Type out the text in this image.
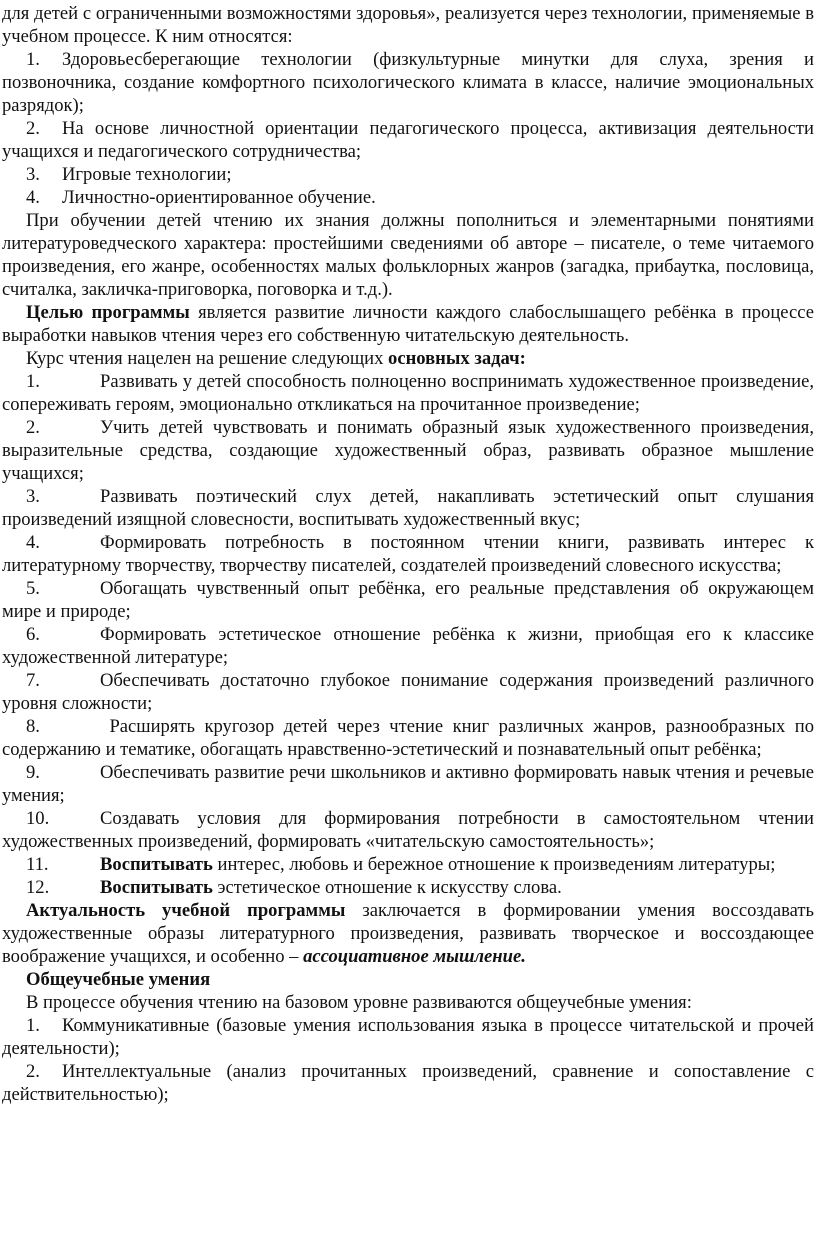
для детей с ограниченными возможностями здоровья», реализуется через технологии, применяемые в учебном процессе. К ним относятся:

1. Здоровьесберегающие технологии (физкультурные минутки для слуха, зрения и позвоночника, создание комфортного психологического климата в классе, наличие эмоциональных разрядок);

2. На основе личностной ориентации педагогического процесса, активизация деятельности учащихся и педагогического сотрудничества;

3. Игровые технологии;

4. Личностно-ориентированное обучение.

При обучении детей чтению их знания должны пополниться и элементарными понятиями литературоведческого характера: простейшими сведениями об авторе – писателе, о теме читаемого произведения, его жанре, особенностях малых фольклорных жанров (загадка, прибаутка, пословица, считалка, закличка-приговорка, поговорка и т.д.).

Целью программы является развитие личности каждого слабослышащего ребёнка в процессе выработки навыков чтения через его собственную читательскую деятельность.

Курс чтения нацелен на решение следующих основных задач:

1.	Развивать у детей способность полноценно воспринимать художественное произведение, сопереживать героям, эмоционально откликаться на прочитанное произведение;

2.	Учить детей чувствовать и понимать образный язык художественного произведения, выразительные средства, создающие художественный образ, развивать образное мышление учащихся;

3.	Развивать поэтический слух детей, накапливать эстетический опыт слушания произведений изящной словесности, воспитывать художественный вкус;

4.	Формировать потребность в постоянном чтении книги, развивать интерес к литературному творчеству, творчеству писателей, создателей произведений словесного искусства;

5.	Обогащать чувственный опыт ребёнка, его реальные представления об окружающем мире и природе;

6.	Формировать эстетическое отношение ребёнка к жизни, приобщая его к классике художественной литературе;

7.	Обеспечивать достаточно глубокое понимание содержания произведений различного уровня сложности;

8.	Расширять кругозор детей через чтение книг различных жанров, разнообразных по содержанию и тематике, обогащать нравственно-эстетический и познавательный опыт ребёнка;

9.	Обеспечивать развитие речи школьников и активно формировать навык чтения и речевые умения;

10.	Создавать условия для формирования потребности в самостоятельном чтении художественных произведений, формировать «читательскую самостоятельность»;

11.	Воспитывать интерес, любовь и бережное отношение к произведениям литературы;

12.	Воспитывать эстетическое отношение к искусству слова.

Актуальность учебной программы заключается в формировании умения воссоздавать художественные образы литературного произведения, развивать творческое и воссоздающее воображение учащихся, и особенно – ассоциативное мышление.

Общеучебные умения

В процессе обучения чтению на базовом уровне развиваются общеучебные умения:

1. Коммуникативные (базовые умения использования языка в процессе читательской и прочей деятельности);

2. Интеллектуальные (анализ прочитанных произведений, сравнение и сопоставление с действительностью);
